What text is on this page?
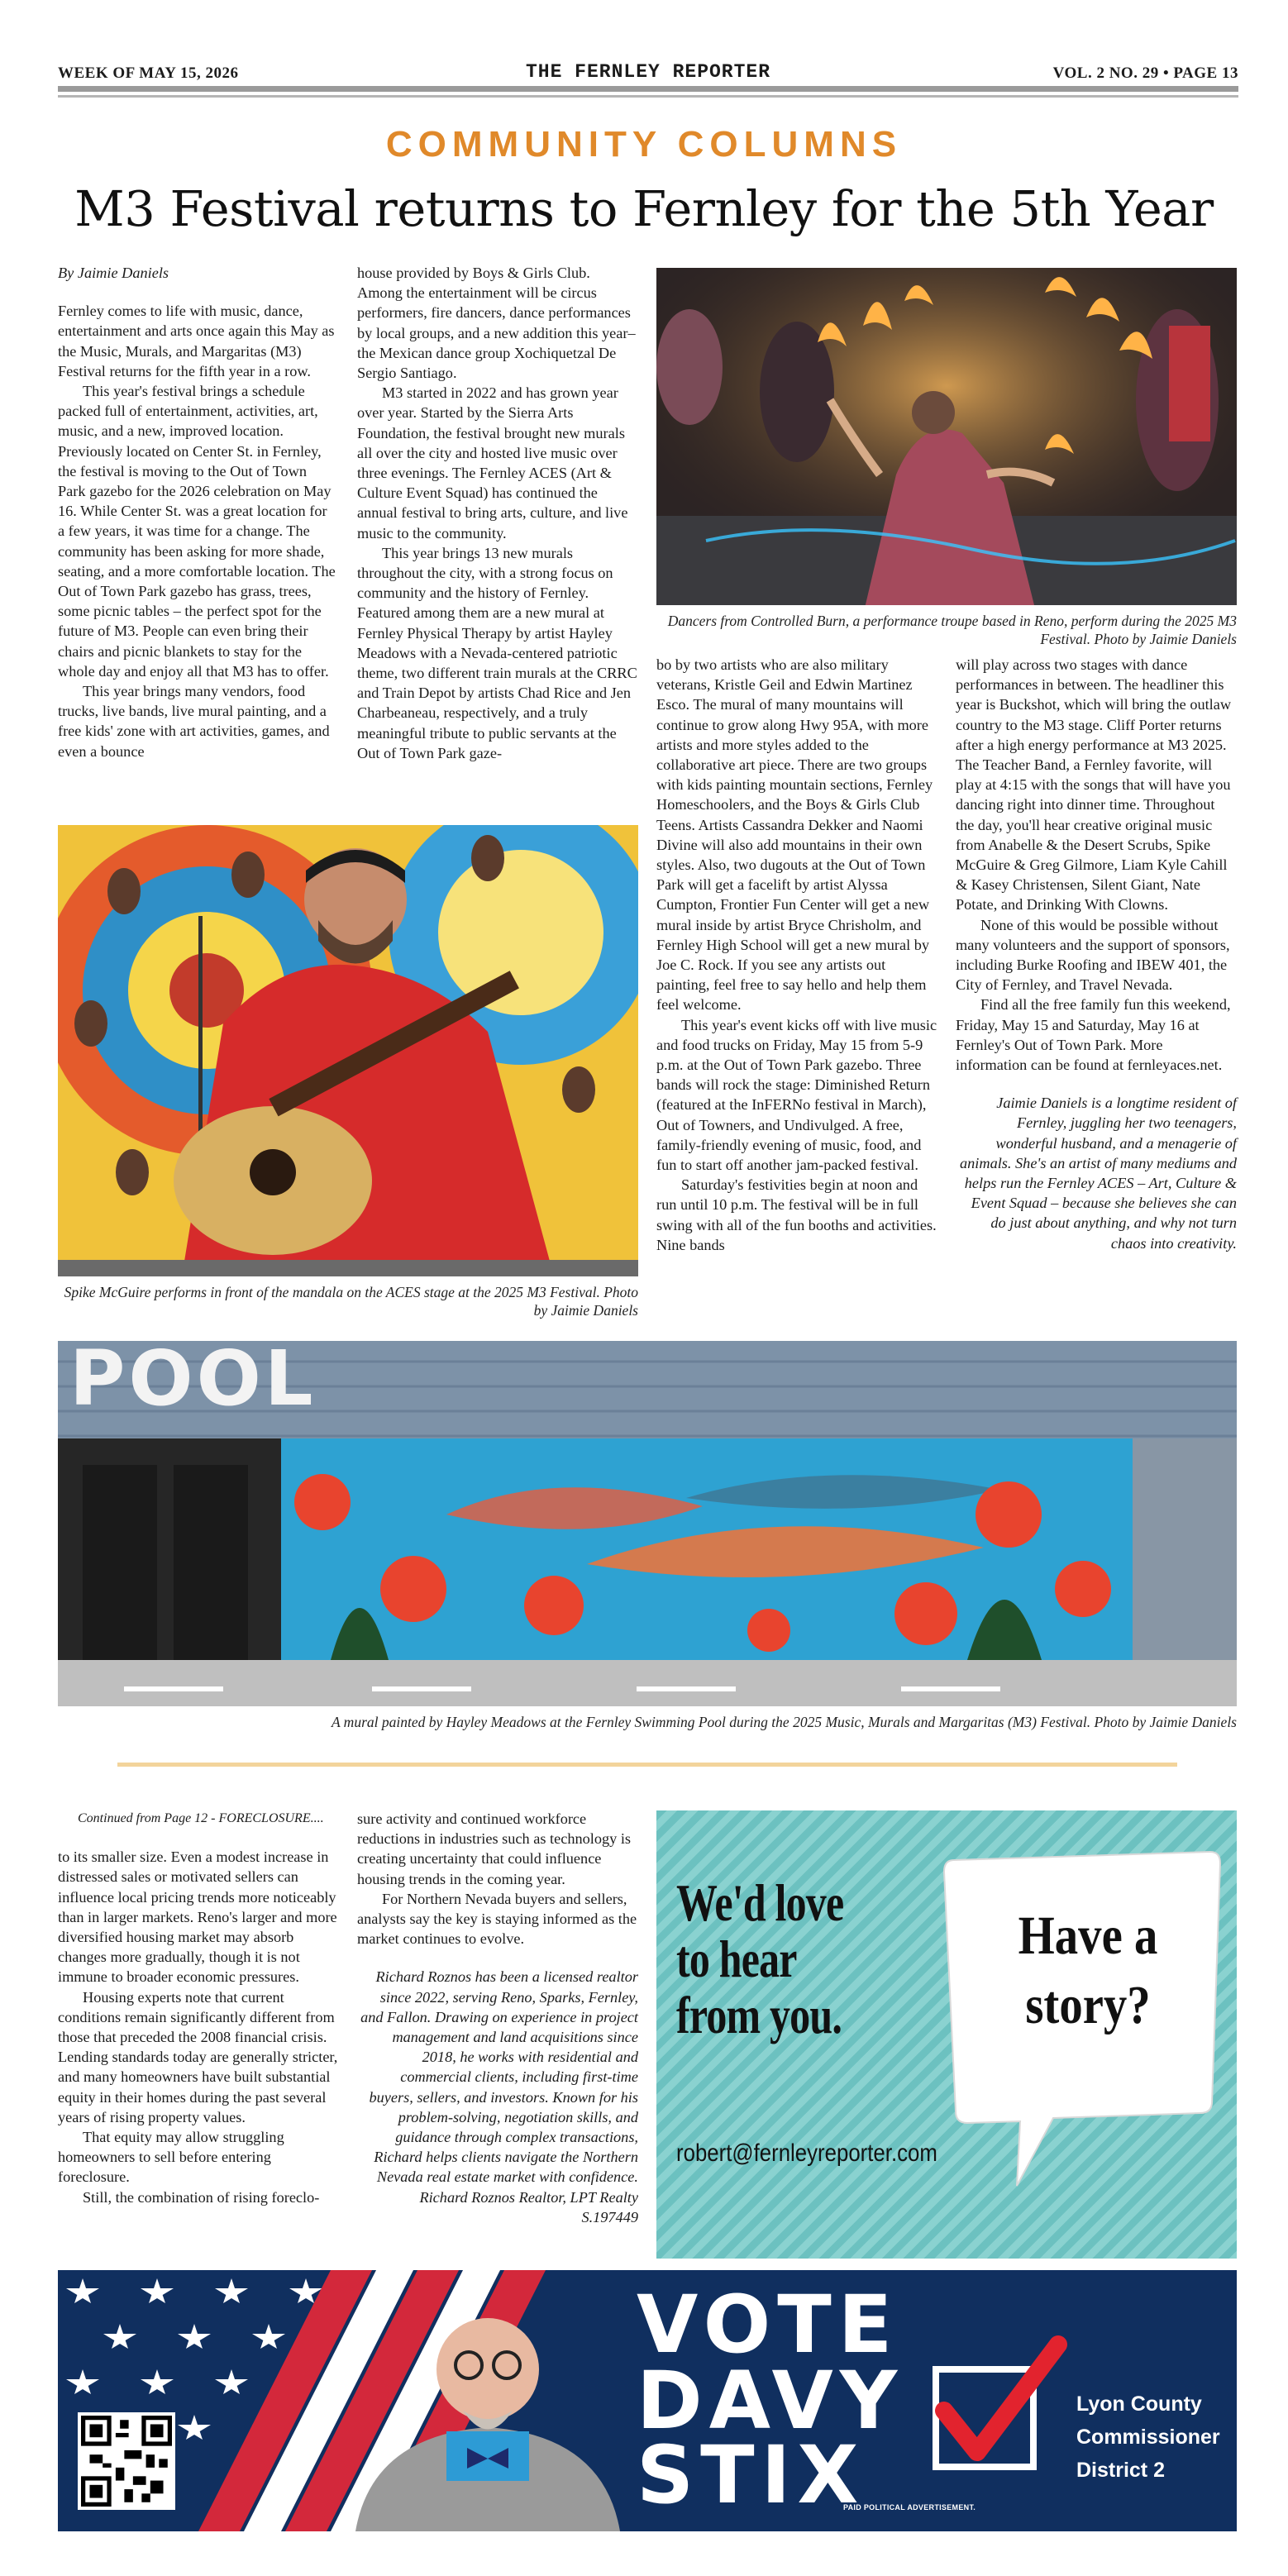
WEEK OF MAY 15, 2026	THE FERNLEY REPORTER	VOL. 2 NO. 29 • PAGE 13
COMMUNITY COLUMNS
M3 Festival returns to Fernley for the 5th Year

By Jaimie Daniels

Fernley comes to life with music, dance, entertainment and arts once again this May as the Music, Murals, and Margaritas (M3) Festival returns for the fifth year in a row.

This year's festival brings a schedule packed full of entertainment, activities, art, music, and a new, improved location. Previously located on Center St. in Fernley, the festival is moving to the Out of Town Park gazebo for the 2026 celebration on May 16. While Center St. was a great location for a few years, it was time for a change. The community has been asking for more shade, seating, and a more comfortable location. The Out of Town Park gazebo has grass, trees, some picnic tables – the perfect spot for the future of M3. People can even bring their chairs and picnic blankets to stay for the whole day and enjoy all that M3 has to offer.

This year brings many vendors, food trucks, live bands, live mural painting, and a free kids' zone with art activities, games, and even a bounce

house provided by Boys & Girls Club. Among the entertainment will be circus performers, fire dancers, dance performances by local groups, and a new addition this year–the Mexican dance group Xochiquetzal De Sergio Santiago.

M3 started in 2022 and has grown year over year. Started by the Sierra Arts Foundation, the festival brought new murals all over the city and hosted live music over three evenings. The Fernley ACES (Art & Culture Event Squad) has continued the annual festival to bring arts, culture, and live music to the community.

This year brings 13 new murals throughout the city, with a strong focus on community and the history of Fernley. Featured among them are a new mural at Fernley Physical Therapy by artist Hayley Meadows with a Nevada-centered patriotic theme, two different train murals at the CRRC and Train Depot by artists Chad Rice and Jen Charbeaneau, respectively, and a truly meaningful tribute to public servants at the Out of Town Park gaze-

bo by two artists who are also military veterans, Kristle Geil and Edwin Martinez Esco. The mural of many mountains will continue to grow along Hwy 95A, with more artists and more styles added to the collaborative art piece. There are two groups with kids painting mountain sections, Fernley Homeschoolers, and the Boys & Girls Club Teens. Artists Cassandra Dekker and Naomi Divine will also add mountains in their own styles. Also, two dugouts at the Out of Town Park will get a facelift by artist Alyssa Cumpton, Frontier Fun Center will get a new mural inside by artist Bryce Chrisholm, and Fernley High School will get a new mural by Joe C. Rock. If you see any artists out painting, feel free to say hello and help them feel welcome.

This year's event kicks off with live music and food trucks on Friday, May 15 from 5-9 p.m. at the Out of Town Park gazebo. Three bands will rock the stage: Diminished Return (featured at the InFERNo festival in March), Out of Towners, and Undivulged. A free, family-friendly evening of music, food, and fun to start off another jam-packed festival.

Saturday's festivities begin at noon and run until 10 p.m. The festival will be in full swing with all of the fun booths and activities. Nine bands

will play across two stages with dance performances in between. The headliner this year is Buckshot, which will bring the outlaw country to the M3 stage. Cliff Porter returns after a high energy performance at M3 2025. The Teacher Band, a Fernley favorite, will play at 4:15 with the songs that will have you dancing right into dinner time. Throughout the day, you'll hear creative original music from Anabelle & the Desert Scrubs, Spike McGuire & Greg Gilmore, Liam Kyle Cahill & Kasey Christensen, Silent Giant, Nate Potate, and Drinking With Clowns.

None of this would be possible without many volunteers and the support of sponsors, including Burke Roofing and IBEW 401, the City of Fernley, and Travel Nevada.

Find all the free family fun this weekend, Friday, May 15 and Saturday, May 16 at Fernley's Out of Town Park. More information can be found at fernleyaces.net.

Jaimie Daniels is a longtime resident of Fernley, juggling her two teenagers, wonderful husband, and a menagerie of animals. She's an artist of many mediums and helps run the Fernley ACES – Art, Culture & Event Squad – because she believes she can do just about anything, and why not turn chaos into creativity.

Dancers from Controlled Burn, a performance troupe based in Reno, perform during the 2025 M3 Festival. Photo by Jaimie Daniels
Spike McGuire performs in front of the mandala on the ACES stage at the 2025 M3 Festival. Photo by Jaimie Daniels
POOL
A mural painted by Hayley Meadows at the Fernley Swimming Pool during the 2025 Music, Murals and Margaritas (M3) Festival. Photo by Jaimie Daniels

Continued from Page 12 - FORECLOSURE....

to its smaller size. Even a modest increase in distressed sales or motivated sellers can influence local pricing trends more noticeably than in larger markets. Reno's larger and more diversified housing market may absorb changes more gradually, though it is not immune to broader economic pressures.

Housing experts note that current conditions remain significantly different from those that preceded the 2008 financial crisis. Lending standards today are generally stricter, and many homeowners have built substantial equity in their homes during the past several years of rising property values.

That equity may allow struggling homeowners to sell before entering foreclosure.

Still, the combination of rising foreclo-

sure activity and continued workforce reductions in industries such as technology is creating uncertainty that could influence housing trends in the coming year.

For Northern Nevada buyers and sellers, analysts say the key is staying informed as the market continues to evolve.

Richard Roznos has been a licensed realtor since 2022, serving Reno, Sparks, Fernley, and Fallon. Drawing on experience in project management and land acquisitions since 2018, he works with residential and commercial clients, including first-time buyers, sellers, and investors. Known for his problem-solving, negotiation skills, and guidance through complex transactions, Richard helps clients navigate the Northern Nevada real estate market with confidence.

Richard Roznos Realtor, LPT Realty

S.197449

We'd love
to hear
from you.
robert@fernleyreporter.com
Have a
story?
VOTE
DAVY
STIX
Lyon County
Commissioner
District 2
PAID POLITICAL ADVERTISEMENT.
